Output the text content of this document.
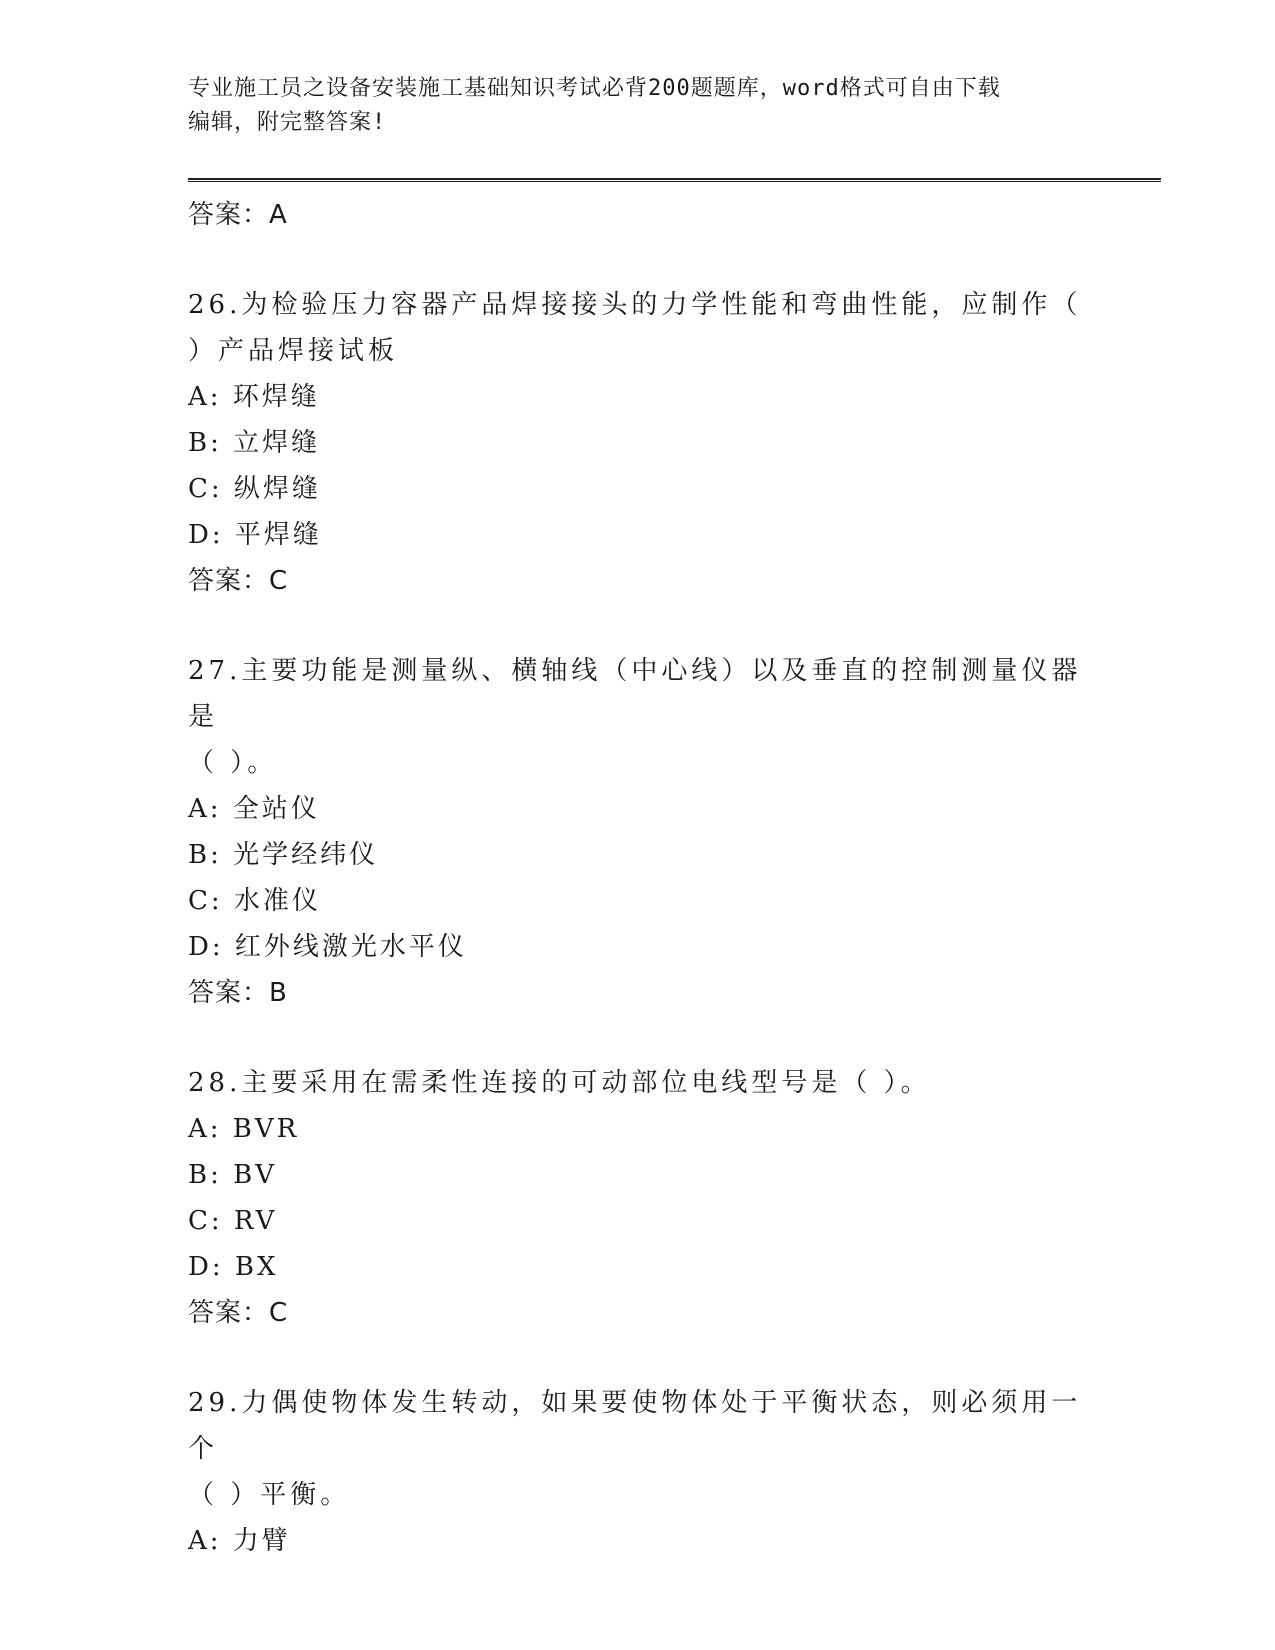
专业施工员之设备安装施工基础知识考试必背200题题库，word格式可自由下载
编辑，附完整答案!
答案：A
26.为检验压力容器产品焊接接头的力学性能和弯曲性能，应制作（
）产品焊接试板
A: 环焊缝
B: 立焊缝
C: 纵焊缝
D: 平焊缝
答案：C
27.主要功能是测量纵、横轴线（中心线）以及垂直的控制测量仪器是
（ ）。
A: 全站仪
B: 光学经纬仪
C: 水准仪
D: 红外线激光水平仪
答案：B
28.主要采用在需柔性连接的可动部位电线型号是（ ）。
A: BVR
B: BV
C: RV
D: BX
答案：C
29.力偶使物体发生转动，如果要使物体处于平衡状态，则必须用一个
（ ）平衡。
A: 力臂
